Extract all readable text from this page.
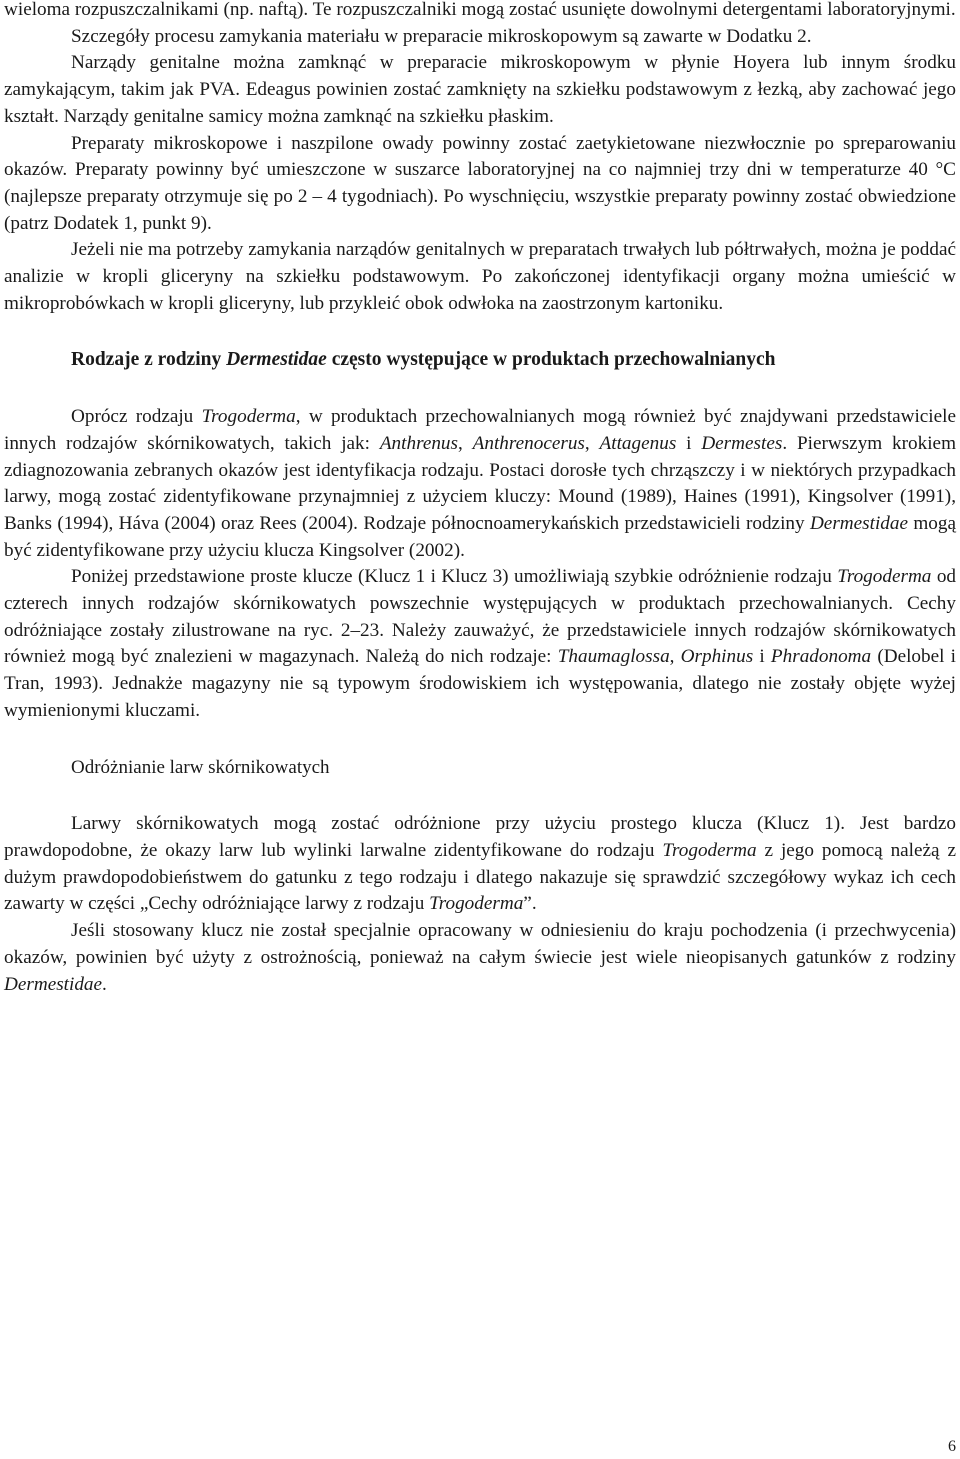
wieloma rozpuszczalnikami (np. naftą). Te rozpuszczalniki mogą zostać usunięte dowolnymi detergentami laboratoryjnymi.

Szczegóły procesu zamykania materiału w preparacie mikroskopowym są zawarte w Dodatku 2.

Narządy genitalne można zamknąć w preparacie mikroskopowym w płynie Hoyera lub innym środku zamykającym, takim jak PVA. Edeagus powinien zostać zamknięty na szkiełku podstawowym z łezką, aby zachować jego kształt. Narządy genitalne samicy można zamknąć na szkiełku płaskim.

Preparaty mikroskopowe i naszpilone owady powinny zostać zaetykietowane niezwłocznie po spreparowaniu okazów. Preparaty powinny być umieszczone w suszarce laboratoryjnej na co najmniej trzy dni w temperaturze 40 °C (najlepsze preparaty otrzymuje się po 2 – 4 tygodniach). Po wyschnięciu, wszystkie preparaty powinny zostać obwiedzione (patrz Dodatek 1, punkt 9).

Jeżeli nie ma potrzeby zamykania narządów genitalnych w preparatach trwałych lub półtrwałych, można je poddać analizie w kropli gliceryny na szkiełku podstawowym. Po zakończonej identyfikacji organy można umieścić w mikroprobówkach w kropli gliceryny, lub przykleić obok odwłoka na zaostrzonym kartoniku.

Rodzaje z rodziny Dermestidae często występujące w produktach przechowalnianych

Oprócz rodzaju Trogoderma, w produktach przechowalnianych mogą również być znajdywani przedstawiciele innych rodzajów skórnikowatych, takich jak: Anthrenus, Anthrenocerus, Attagenus i Dermestes. Pierwszym krokiem zdiagnozowania zebranych okazów jest identyfikacja rodzaju. Postaci dorosłe tych chrząszczy i w niektórych przypadkach larwy, mogą zostać zidentyfikowane przynajmniej z użyciem kluczy: Mound (1989), Haines (1991), Kingsolver (1991), Banks (1994), Háva (2004) oraz Rees (2004). Rodzaje północnoamerykańskich przedstawicieli rodziny Dermestidae mogą być zidentyfikowane przy użyciu klucza Kingsolver (2002).

Poniżej przedstawione proste klucze (Klucz 1 i Klucz 3) umożliwiają szybkie odróżnienie rodzaju Trogoderma od czterech innych rodzajów skórnikowatych powszechnie występujących w produktach przechowalnianych. Cechy odróżniające zostały zilustrowane na ryc. 2–23. Należy zauważyć, że przedstawiciele innych rodzajów skórnikowatych również mogą być znalezieni w magazynach. Należą do nich rodzaje: Thaumaglossa, Orphinus i Phradonoma (Delobel i Tran, 1993). Jednakże magazyny nie są typowym środowiskiem ich występowania, dlatego nie zostały objęte wyżej wymienionymi kluczami.

Odróżnianie larw skórnikowatych

Larwy skórnikowatych mogą zostać odróżnione przy użyciu prostego klucza (Klucz 1). Jest bardzo prawdopodobne, że okazy larw lub wylinki larwalne zidentyfikowane do rodzaju Trogoderma z jego pomocą należą z dużym prawdopodobieństwem do gatunku z tego rodzaju i dlatego nakazuje się sprawdzić szczegółowy wykaz ich cech zawarty w części „Cechy odróżniające larwy z rodzaju Trogoderma”.

Jeśli stosowany klucz nie został specjalnie opracowany w odniesieniu do kraju pochodzenia (i przechwycenia) okazów, powinien być użyty z ostrożnością, ponieważ na całym świecie jest wiele nieopisanych gatunków z rodziny Dermestidae.

6
